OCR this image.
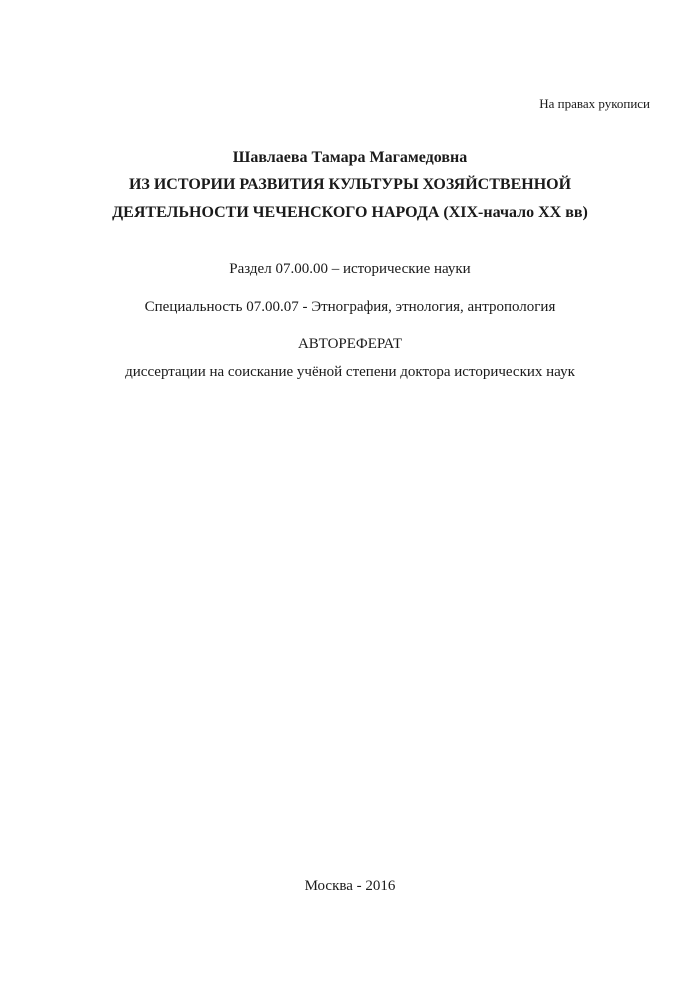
На правах рукописи
Шавлаева Тамара Магамедовна
ИЗ ИСТОРИИ РАЗВИТИЯ КУЛЬТУРЫ ХОЗЯЙСТВЕННОЙ
ДЕЯТЕЛЬНОСТИ ЧЕЧЕНСКОГО НАРОДА (XIX-начало XX вв)
Раздел 07.00.00 – исторические науки
Специальность 07.00.07 - Этнография, этнология, антропология
АВТОРЕФЕРАТ
диссертации на соискание учёной степени доктора исторических наук
Москва - 2016
